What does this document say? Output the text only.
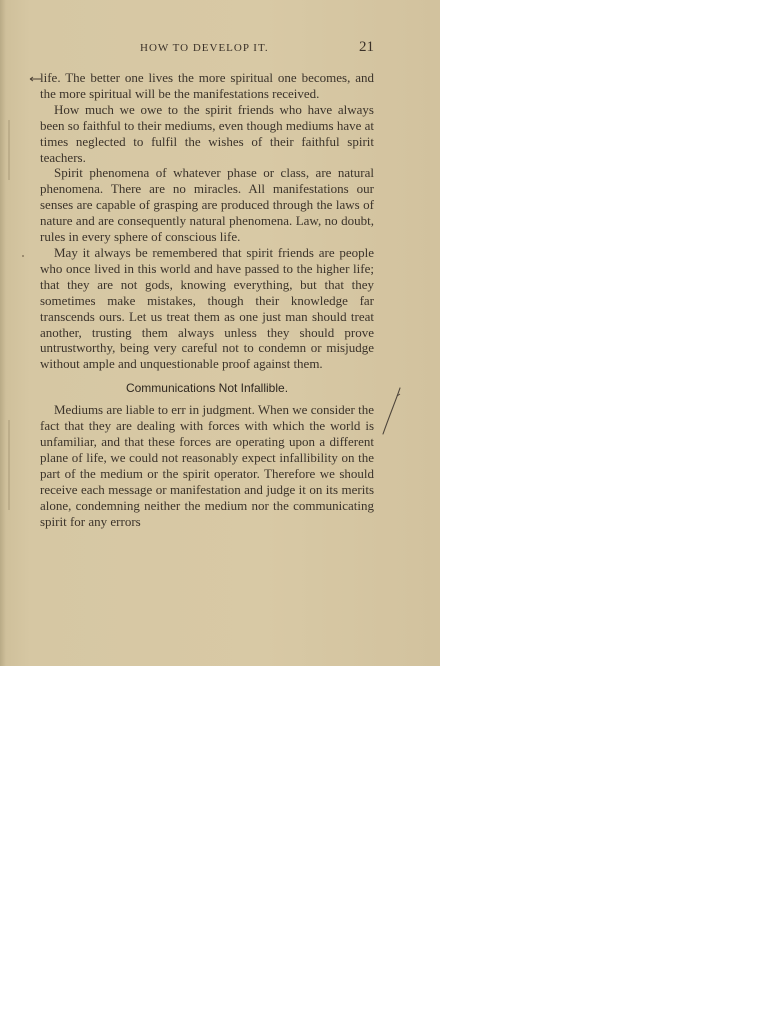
HOW TO DEVELOP IT.	21

life. The better one lives the more spiritual one becomes, and the more spiritual will be the manifestations received.

How much we owe to the spirit friends who have always been so faithful to their mediums, even though mediums have at times neglected to fulfil the wishes of their faithful spirit teachers.

Spirit phenomena of whatever phase or class, are natural phenomena. There are no miracles. All manifestations our senses are capable of grasping are produced through the laws of nature and are consequently natural phenomena. Law, no doubt, rules in every sphere of conscious life.

May it always be remembered that spirit friends are people who once lived in this world and have passed to the higher life; that they are not gods, knowing everything, but that they sometimes make mistakes, though their knowledge far transcends ours. Let us treat them as one just man should treat another, trusting them always unless they should prove untrustworthy, being very careful not to condemn or misjudge without ample and unquestionable proof against them.

Communications Not Infallible.

Mediums are liable to err in judgment. When we consider the fact that they are dealing with forces with which the world is unfamiliar, and that these forces are operating upon a different plane of life, we could not reasonably expect infallibility on the part of the medium or the spirit operator. Therefore we should receive each message or manifestation and judge it on its merits alone, condemning neither the medium nor the communicating spirit for any errors
